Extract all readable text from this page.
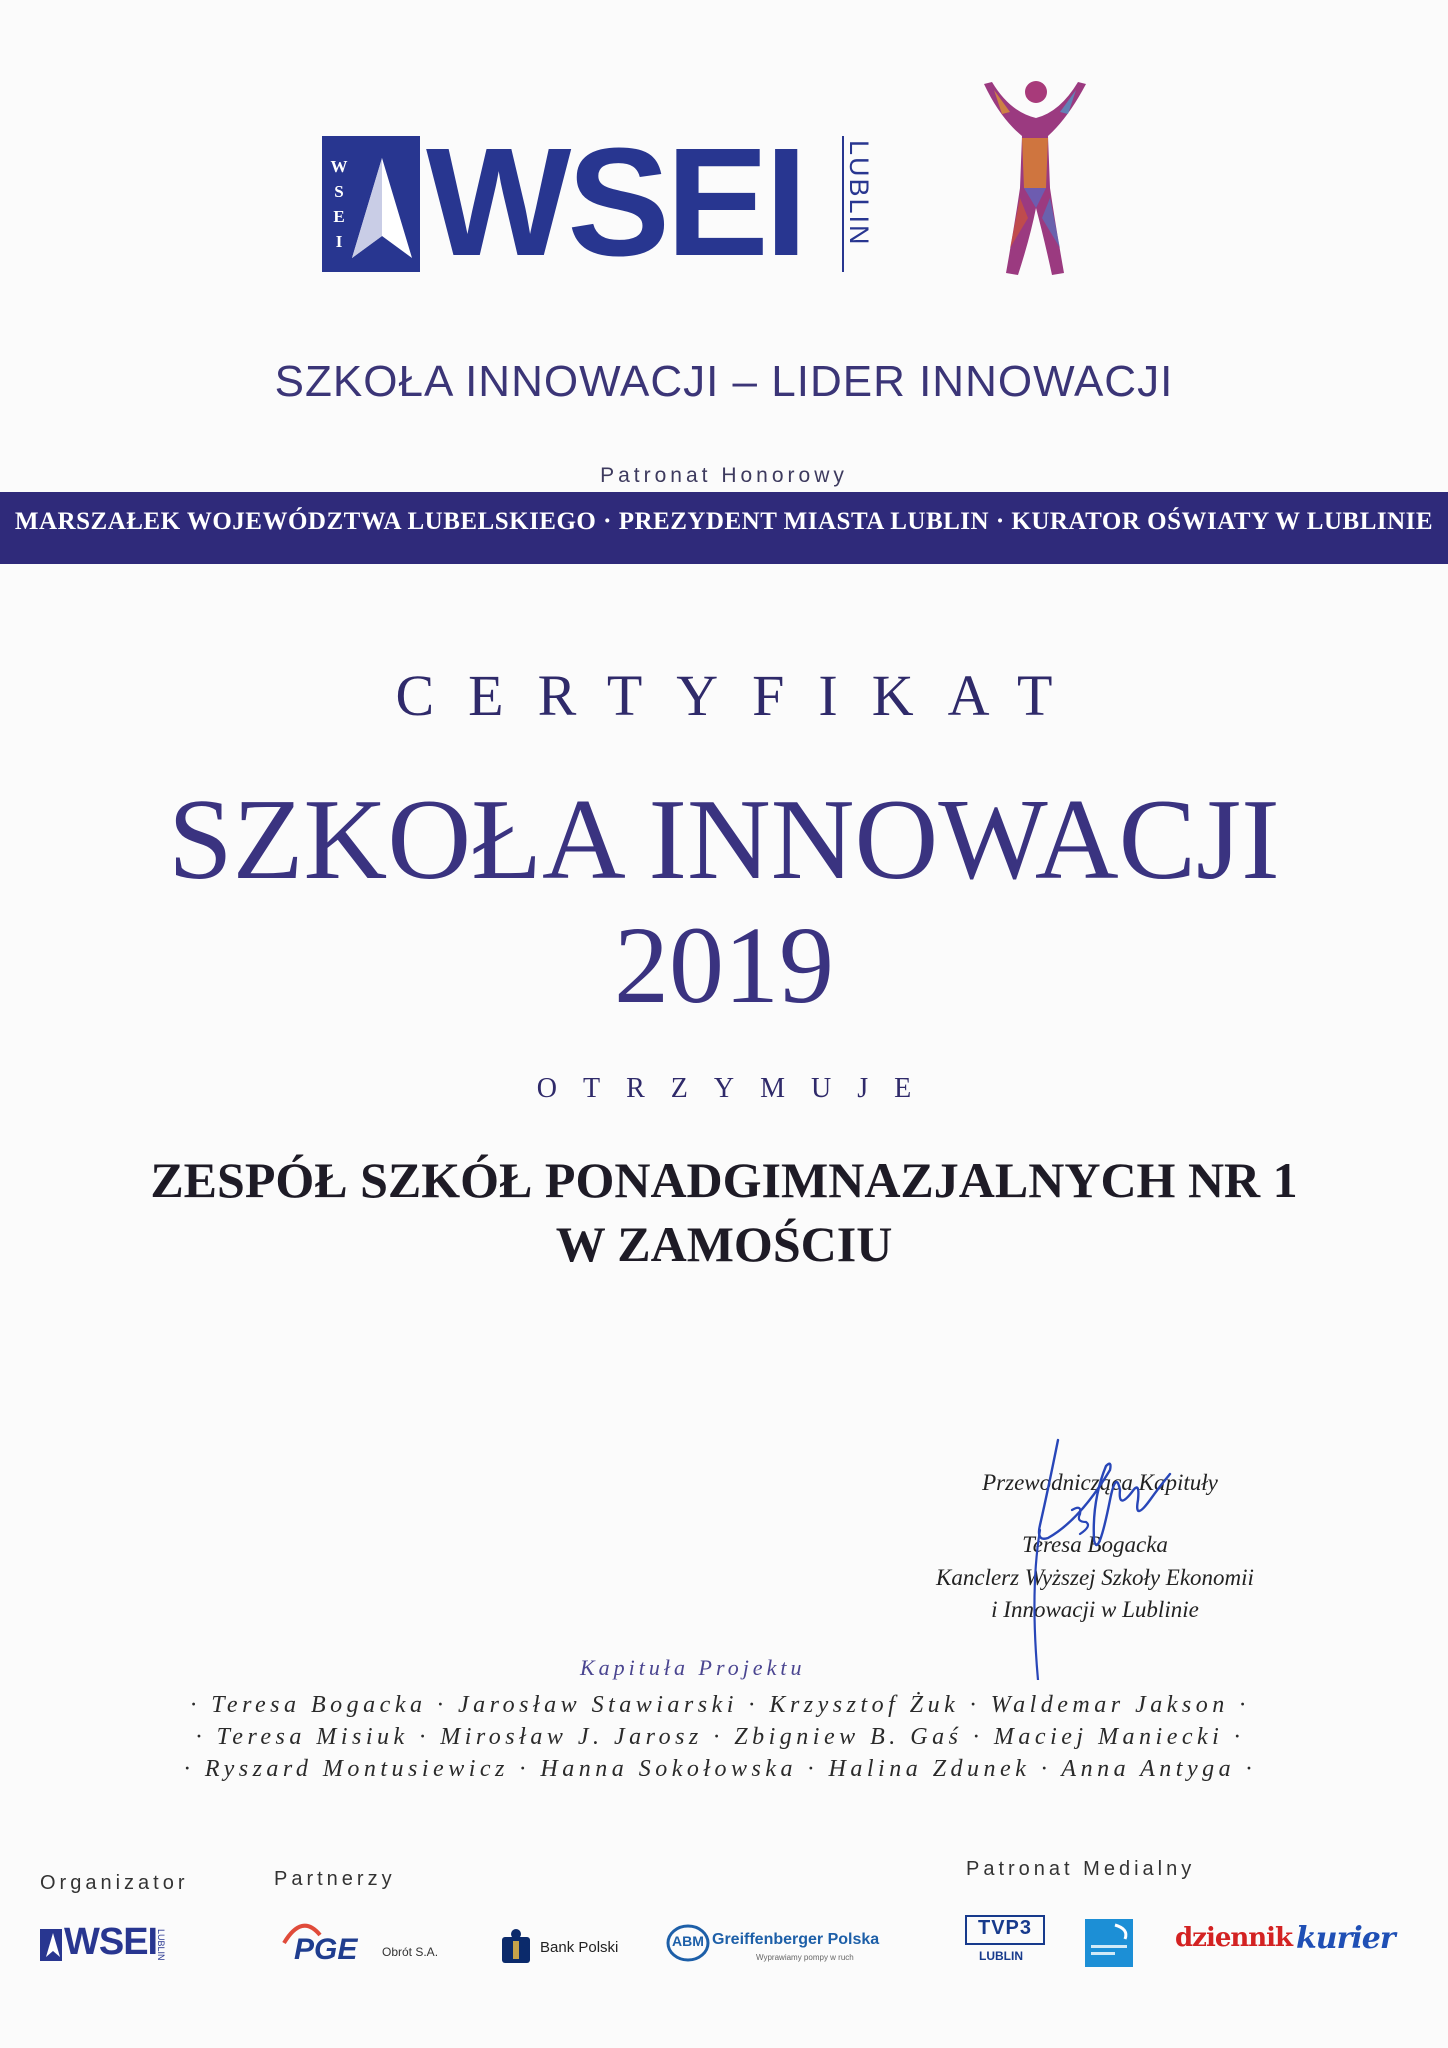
W
S
E
I WSEI LUBLIN
SZKOŁA INNOWACJI – LIDER INNOWACJI
Patronat Honorowy
MARSZAŁEK WOJEWÓDZTWA LUBELSKIEGO · PREZYDENT MIASTA LUBLIN · KURATOR OŚWIATY W LUBLINIE
CERTYFIKAT
SZKOŁA INNOWACJI
2019
OTRZYMUJE
ZESPÓŁ SZKÓŁ PONADGIMNAZJALNYCH NR 1
W ZAMOŚCIU
Przewodnicząca Kapituły
Teresa Bogacka
Kanclerz Wyższej Szkoły Ekonomii
i Innowacji w Lublinie
Kapituła Projektu
· Teresa Bogacka · Jarosław Stawiarski · Krzysztof Żuk · Waldemar Jakson ·
· Teresa Misiuk · Mirosław J. Jarosz · Zbigniew B. Gaś · Maciej Maniecki ·
· Ryszard Montusiewicz · Hanna Sokołowska · Halina Zdunek · Anna Antyga ·
Organizator	Partnerzy	Patronat Medialny
WSEI
LUBLIN	PGE Obrót S.A.	Bank Polski	ABM Greiffenberger Polska
Wyprawiamy pompy w ruch
TVP3
LUBLIN
dziennik kurier
